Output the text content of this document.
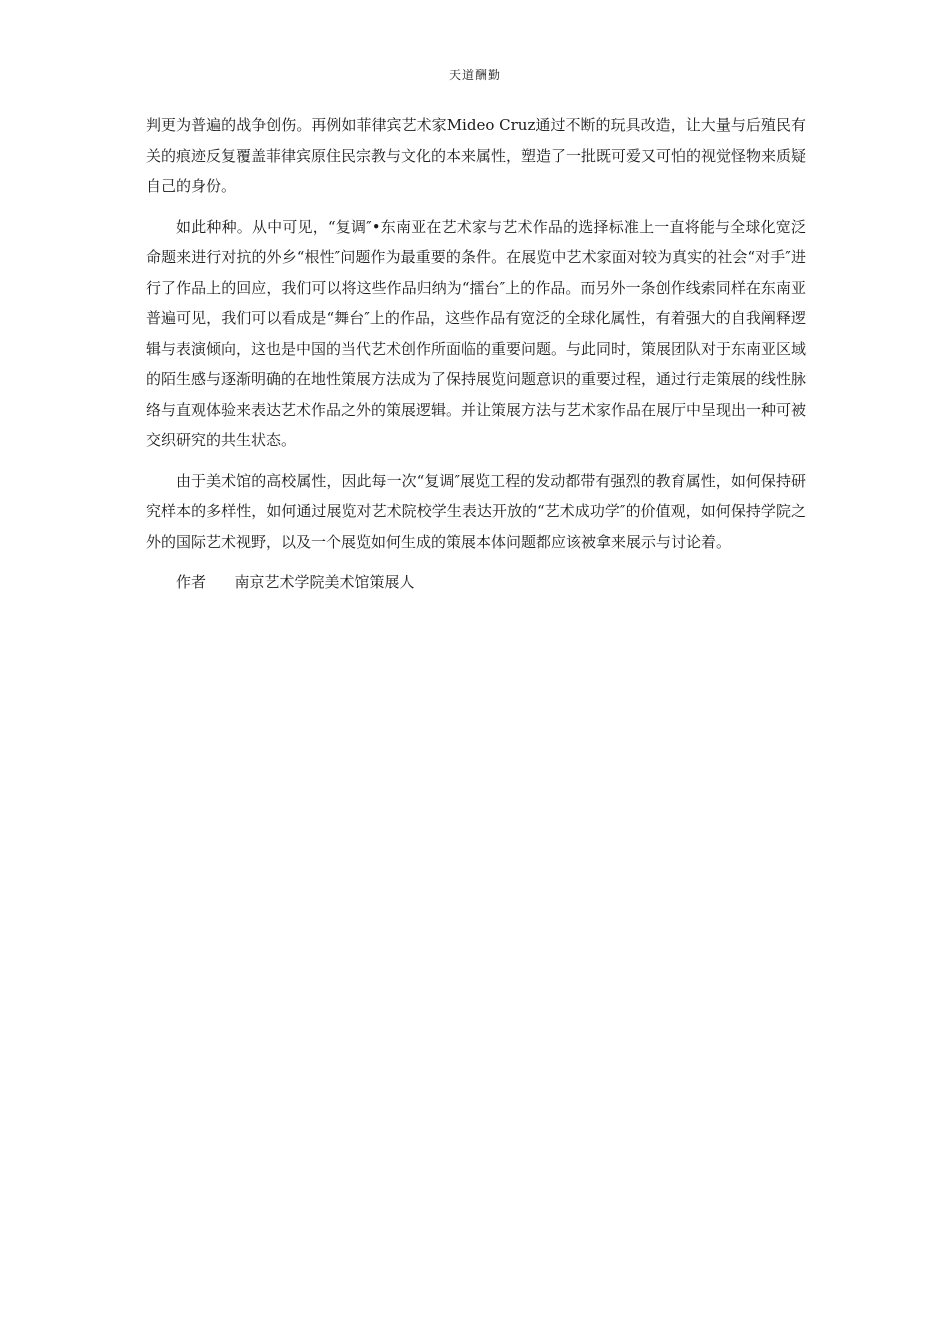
天道酬勤

判更为普遍的战争创伤。再例如菲律宾艺术家Mideo Cruz通过不断的玩具改造，让大量与后殖民有关的痕迹反复覆盖菲律宾原住民宗教与文化的本来属性，塑造了一批既可爱又可怕的视觉怪物来质疑自己的身份。

如此种种。从中可见，“复调″•东南亚在艺术家与艺术作品的选择标准上一直将能与全球化宽泛命题来进行对抗的外乡“根性″问题作为最重要的条件。在展览中艺术家面对较为真实的社会“对手″进行了作品上的回应，我们可以将这些作品归纳为“擂台″上的作品。而另外一条创作线索同样在东南亚普遍可见，我们可以看成是“舞台″上的作品，这些作品有宽泛的全球化属性，有着强大的自我阐释逻辑与表演倾向，这也是中国的当代艺术创作所面临的重要问题。与此同时，策展团队对于东南亚区域的陌生感与逐渐明确的在地性策展方法成为了保持展览问题意识的重要过程，通过行走策展的线性脉络与直观体验来表达艺术作品之外的策展逻辑。并让策展方法与艺术家作品在展厅中呈现出一种可被交织研究的共生状态。

由于美术馆的高校属性，因此每一次“复调″展览工程的发动都带有强烈的教育属性，如何保持研究样本的多样性，如何通过展览对艺术院校学生表达开放的“艺术成功学″的价值观，如何保持学院之外的国际艺术视野，以及一个展览如何生成的策展本体问题都应该被拿来展示与讨论着。

作者 南京艺术学院美术馆策展人
